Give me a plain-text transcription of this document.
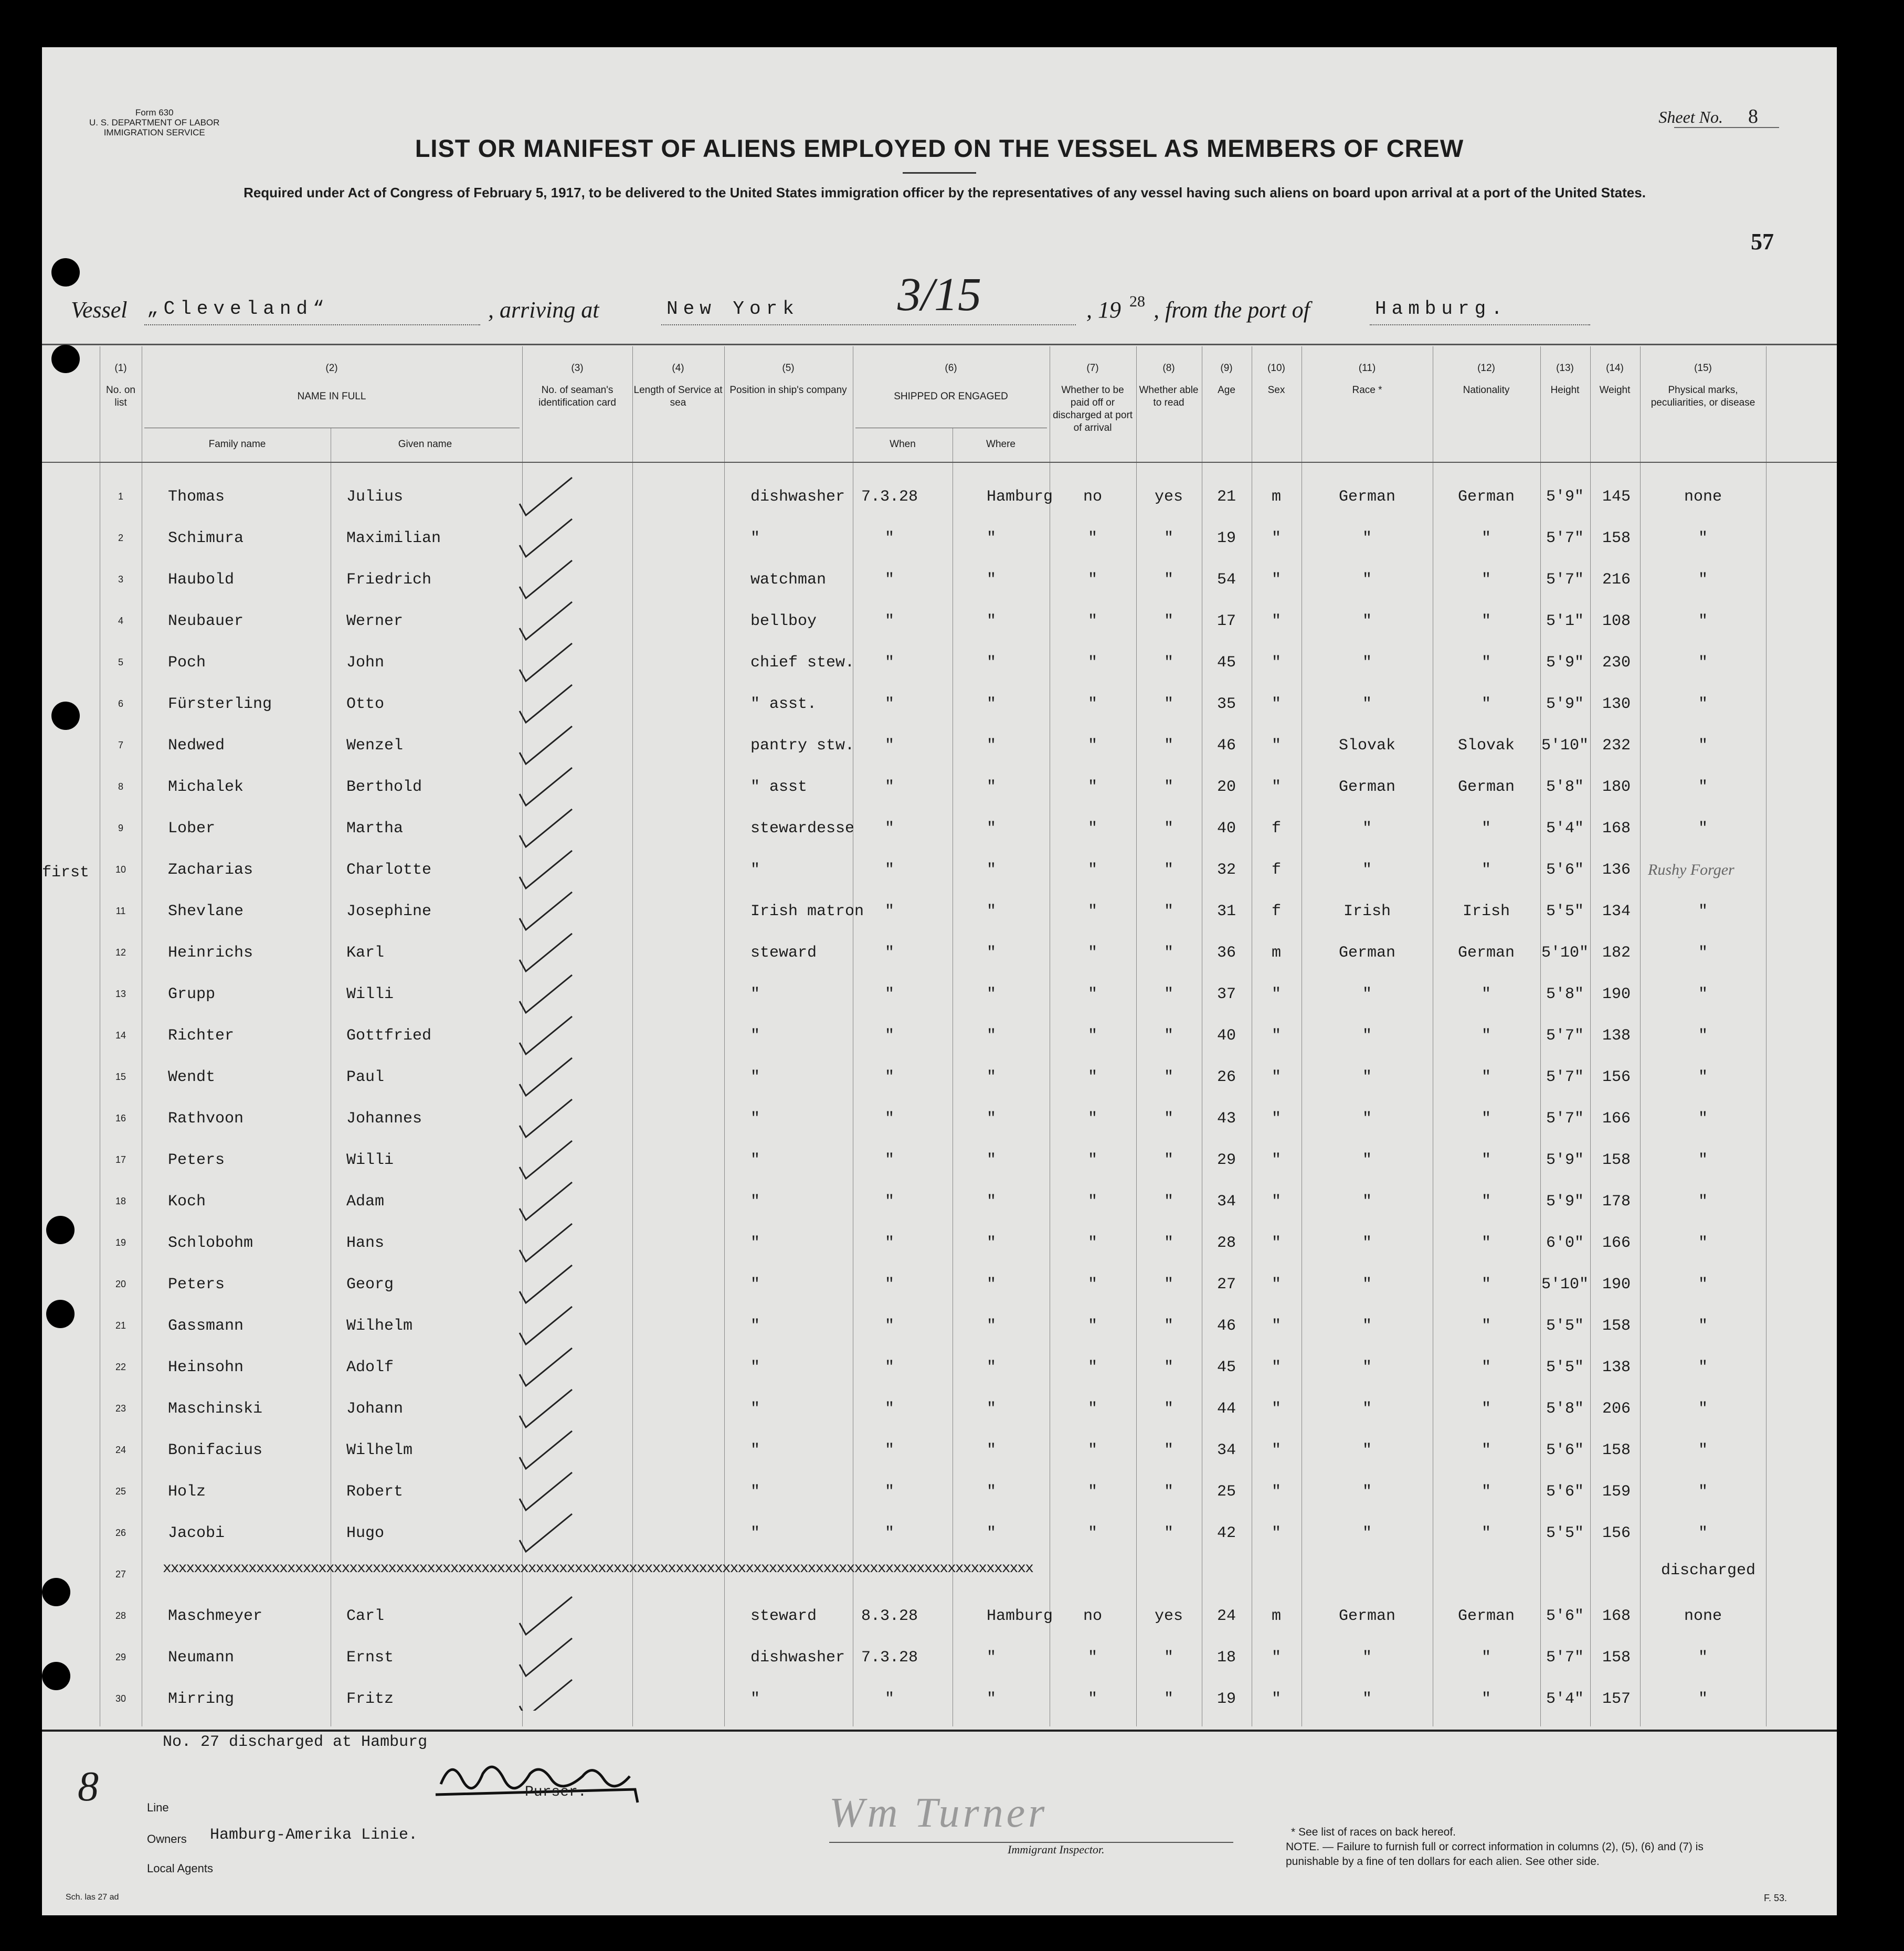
Form 630
U. S. DEPARTMENT OF LABOR
IMMIGRATION SERVICE
Sheet No. 8
LIST OR MANIFEST OF ALIENS EMPLOYED ON THE VESSEL AS MEMBERS OF CREW
Required under Act of Congress of February 5, 1917, to be delivered to the United States immigration officer by the representatives of any vessel having such aliens on board upon arrival at a port of the United States.
57
Vessel „Cleveland“	, arriving at	New York 3/15	, 19 28 , from the port of	Hamburg.
(1)
No. on list
(2)
NAME IN FULL
Family name	Given name
(3)
No. of seaman's identification card
(4)
Length of Service at sea
(5)
Position in ship's company
(6)
SHIPPED OR ENGAGED
When	Where
(7)
Whether to be paid off or discharged at port of arrival
(8)
Whether able to read
(9)
Age
(10)
Sex
(11)
Race *
(12)
Nationality
(13)
Height
(14)
Weight
(15)
Physical marks, peculiarities, or disease
1	Thomas	Julius	dishwasher	7.3.28	Hamburg	no	yes	21	m	German	German	5'9"	145	none
2	Schimura	Maximilian	"	"	"	"	"	19	"	"	"	5'7"	158	"
3	Haubold	Friedrich	watchman	"	"	"	"	54	"	"	"	5'7"	216	"
4	Neubauer	Werner	bellboy	"	"	"	"	17	"	"	"	5'1"	108	"
5	Poch	John	chief stew.	"	"	"	"	45	"	"	"	5'9"	230	"
6	Fürsterling	Otto	" asst.	"	"	"	"	35	"	"	"	5'9"	130	"
7	Nedwed	Wenzel	pantry stw.	"	"	"	"	46	"	Slovak	Slovak	5'10" 232	"
8	Michalek	Berthold	" asst	"	"	"	"	20	"	German	German	5'8"	180	"
9	Lober	Martha	stewardesse	"	"	"	"	40	f	"	"	5'4"	168	"
10	Zacharias	Charlotte	"	"	"	"	"	32	f	"	"	5'6"	136	Rushy Forger
11	Shevlane	Josephine	Irish matron	"	"	"	"	31	f	Irish	Irish	5'5"	134	"
12	Heinrichs	Karl	steward	"	"	"	"	36	m	German	German	5'10" 182	"
13	Grupp	Willi	"	"	"	"	"	37	"	"	"	5'8"	190	"
14	Richter	Gottfried	"	"	"	"	"	40	"	"	"	5'7"	138	"
15	Wendt	Paul	"	"	"	"	"	26	"	"	"	5'7"	156	"
16	Rathvoon	Johannes	"	"	"	"	"	43	"	"	"	5'7"	166	"
17	Peters	Willi	"	"	"	"	"	29	"	"	"	5'9"	158	"
18	Koch	Adam	"	"	"	"	"	34	"	"	"	5'9"	178	"
19	Schlobohm	Hans	"	"	"	"	"	28	"	"	"	6'0"	166	"
20	Peters	Georg	"	"	"	"	"	27	"	"	"	5'10" 190	"
21	Gassmann	Wilhelm	"	"	"	"	"	46	"	"	"	5'5"	158	"
22	Heinsohn	Adolf	"	"	"	"	"	45	"	"	"	5'5"	138	"
23	Maschinski	Johann	"	"	"	"	"	44	"	"	"	5'8"	206	"
24	Bonifacius	Wilhelm	"	"	"	"	"	34	"	"	"	5'6"	158	"
25	Holz	Robert	"	"	"	"	"	25	"	"	"	5'6"	159	"
26	Jacobi	Hugo	"	"	"	"	"	42	"	"	"	5'5"	156	"
27	xxxxxxxxxxxxxxxxxxxxxxxxxxxxxxxxxxxxxxxxxxxxxxxxxxxxxxxxxxxxxxxxxxxxxxxxxxxxxxxxxxxxxxxxxxxxxxxxxxxxxxxxxxxxxxxx	discharged
28	Maschmeyer	Carl	steward	8.3.28	Hamburg	no	yes	24	m	German	German	5'6"	168	none
29	Neumann	Ernst	dishwasher	7.3.28	"	"	"	18	"	"	"	5'7"	158	"
30	Mirring	Fritz	"	"	"	"	"	19	"	"	"	5'4"	157	"
first
No. 27 discharged at Hamburg
8	Purser.
Line
Owners Hamburg-Amerika Linie.
Local Agents
Wm Turner
Immigrant Inspector.
* See list of races on back hereof.
NOTE. — Failure to furnish full or correct information in columns (2), (5), (6) and (7) is punishable by a fine of ten dollars for each alien. See other side.
Sch. las 27 ad	F. 53.
